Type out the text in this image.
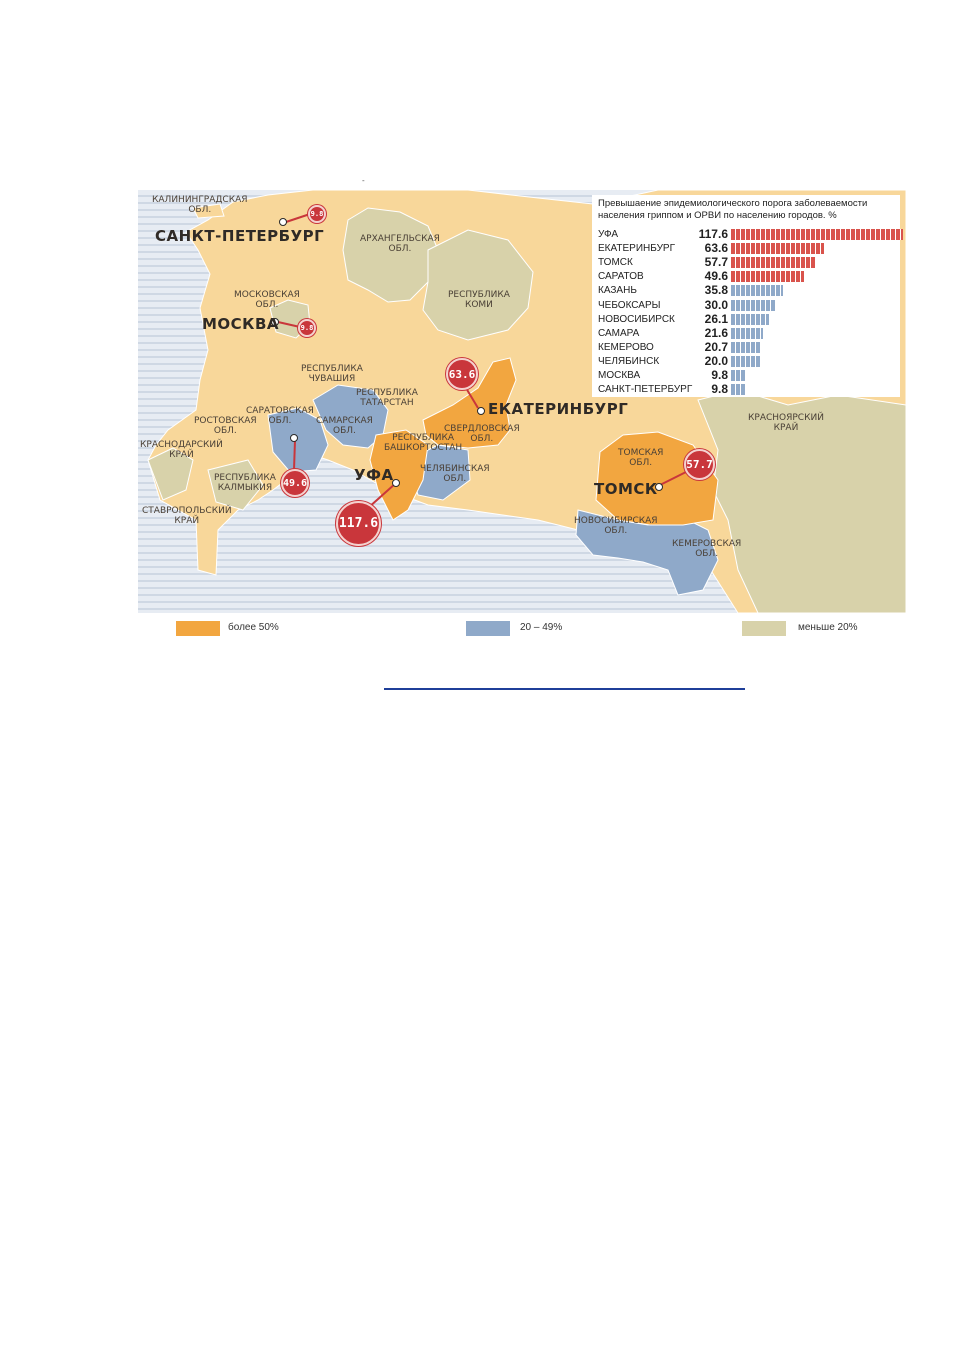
-
КАЛИНИНГРАДСКАЯ
ОБЛ.
АРХАНГЕЛЬСКАЯ
ОБЛ.
РЕСПУБЛИКА
КОМИ
МОСКОВСКАЯ
ОБЛ.
РЕСПУБЛИКА
ЧУВАШИЯ
РЕСПУБЛИКА
ТАТАРСТАН
САРАТОВСКАЯ
ОБЛ.	САМАРСКАЯ
ОБЛ.
РОСТОВСКАЯ
ОБЛ.
КРАСНОДАРСКИЙ
КРАЙ
РЕСПУБЛИКА
КАЛМЫКИЯ
СТАВРОПОЛЬСКИЙ
КРАЙ
РЕСПУБЛИКА
БАШКОРТОСТАН
СВЕРДЛОВСКАЯ
ОБЛ.
ЧЕЛЯБИНСКАЯ
ОБЛ.
ТОМСКАЯ
ОБЛ.
НОВОСИБИРСКАЯ
ОБЛ.
КЕМЕРОВСКАЯ
ОБЛ.
КРАСНОЯРСКИЙ
КРАЙ
САНКТ-ПЕТЕРБУРГ
МОСКВА
ЕКАТЕРИНБУРГ
УФА
ТОМСК
9.8
9.8
63.6
49.6
117.6
57.7
Превышаение эпидемиологического порога заболеваемости населения гриппом и ОРВИ по населению городов. %
УФА	117.6
ЕКАТЕРИНБУРГ	63.6
ТОМСК	57.7
САРАТОВ	49.6
КАЗАНЬ	35.8
ЧЕБОКСАРЫ	30.0
НОВОСИБИРСК	26.1
САМАРА	21.6
КЕМЕРОВО	20.7
ЧЕЛЯБИНСК	20.0
МОСКВА	9.8
САНКТ-ПЕТЕРБУРГ	9.8
более 50%	20 – 49%	меньше 20%
